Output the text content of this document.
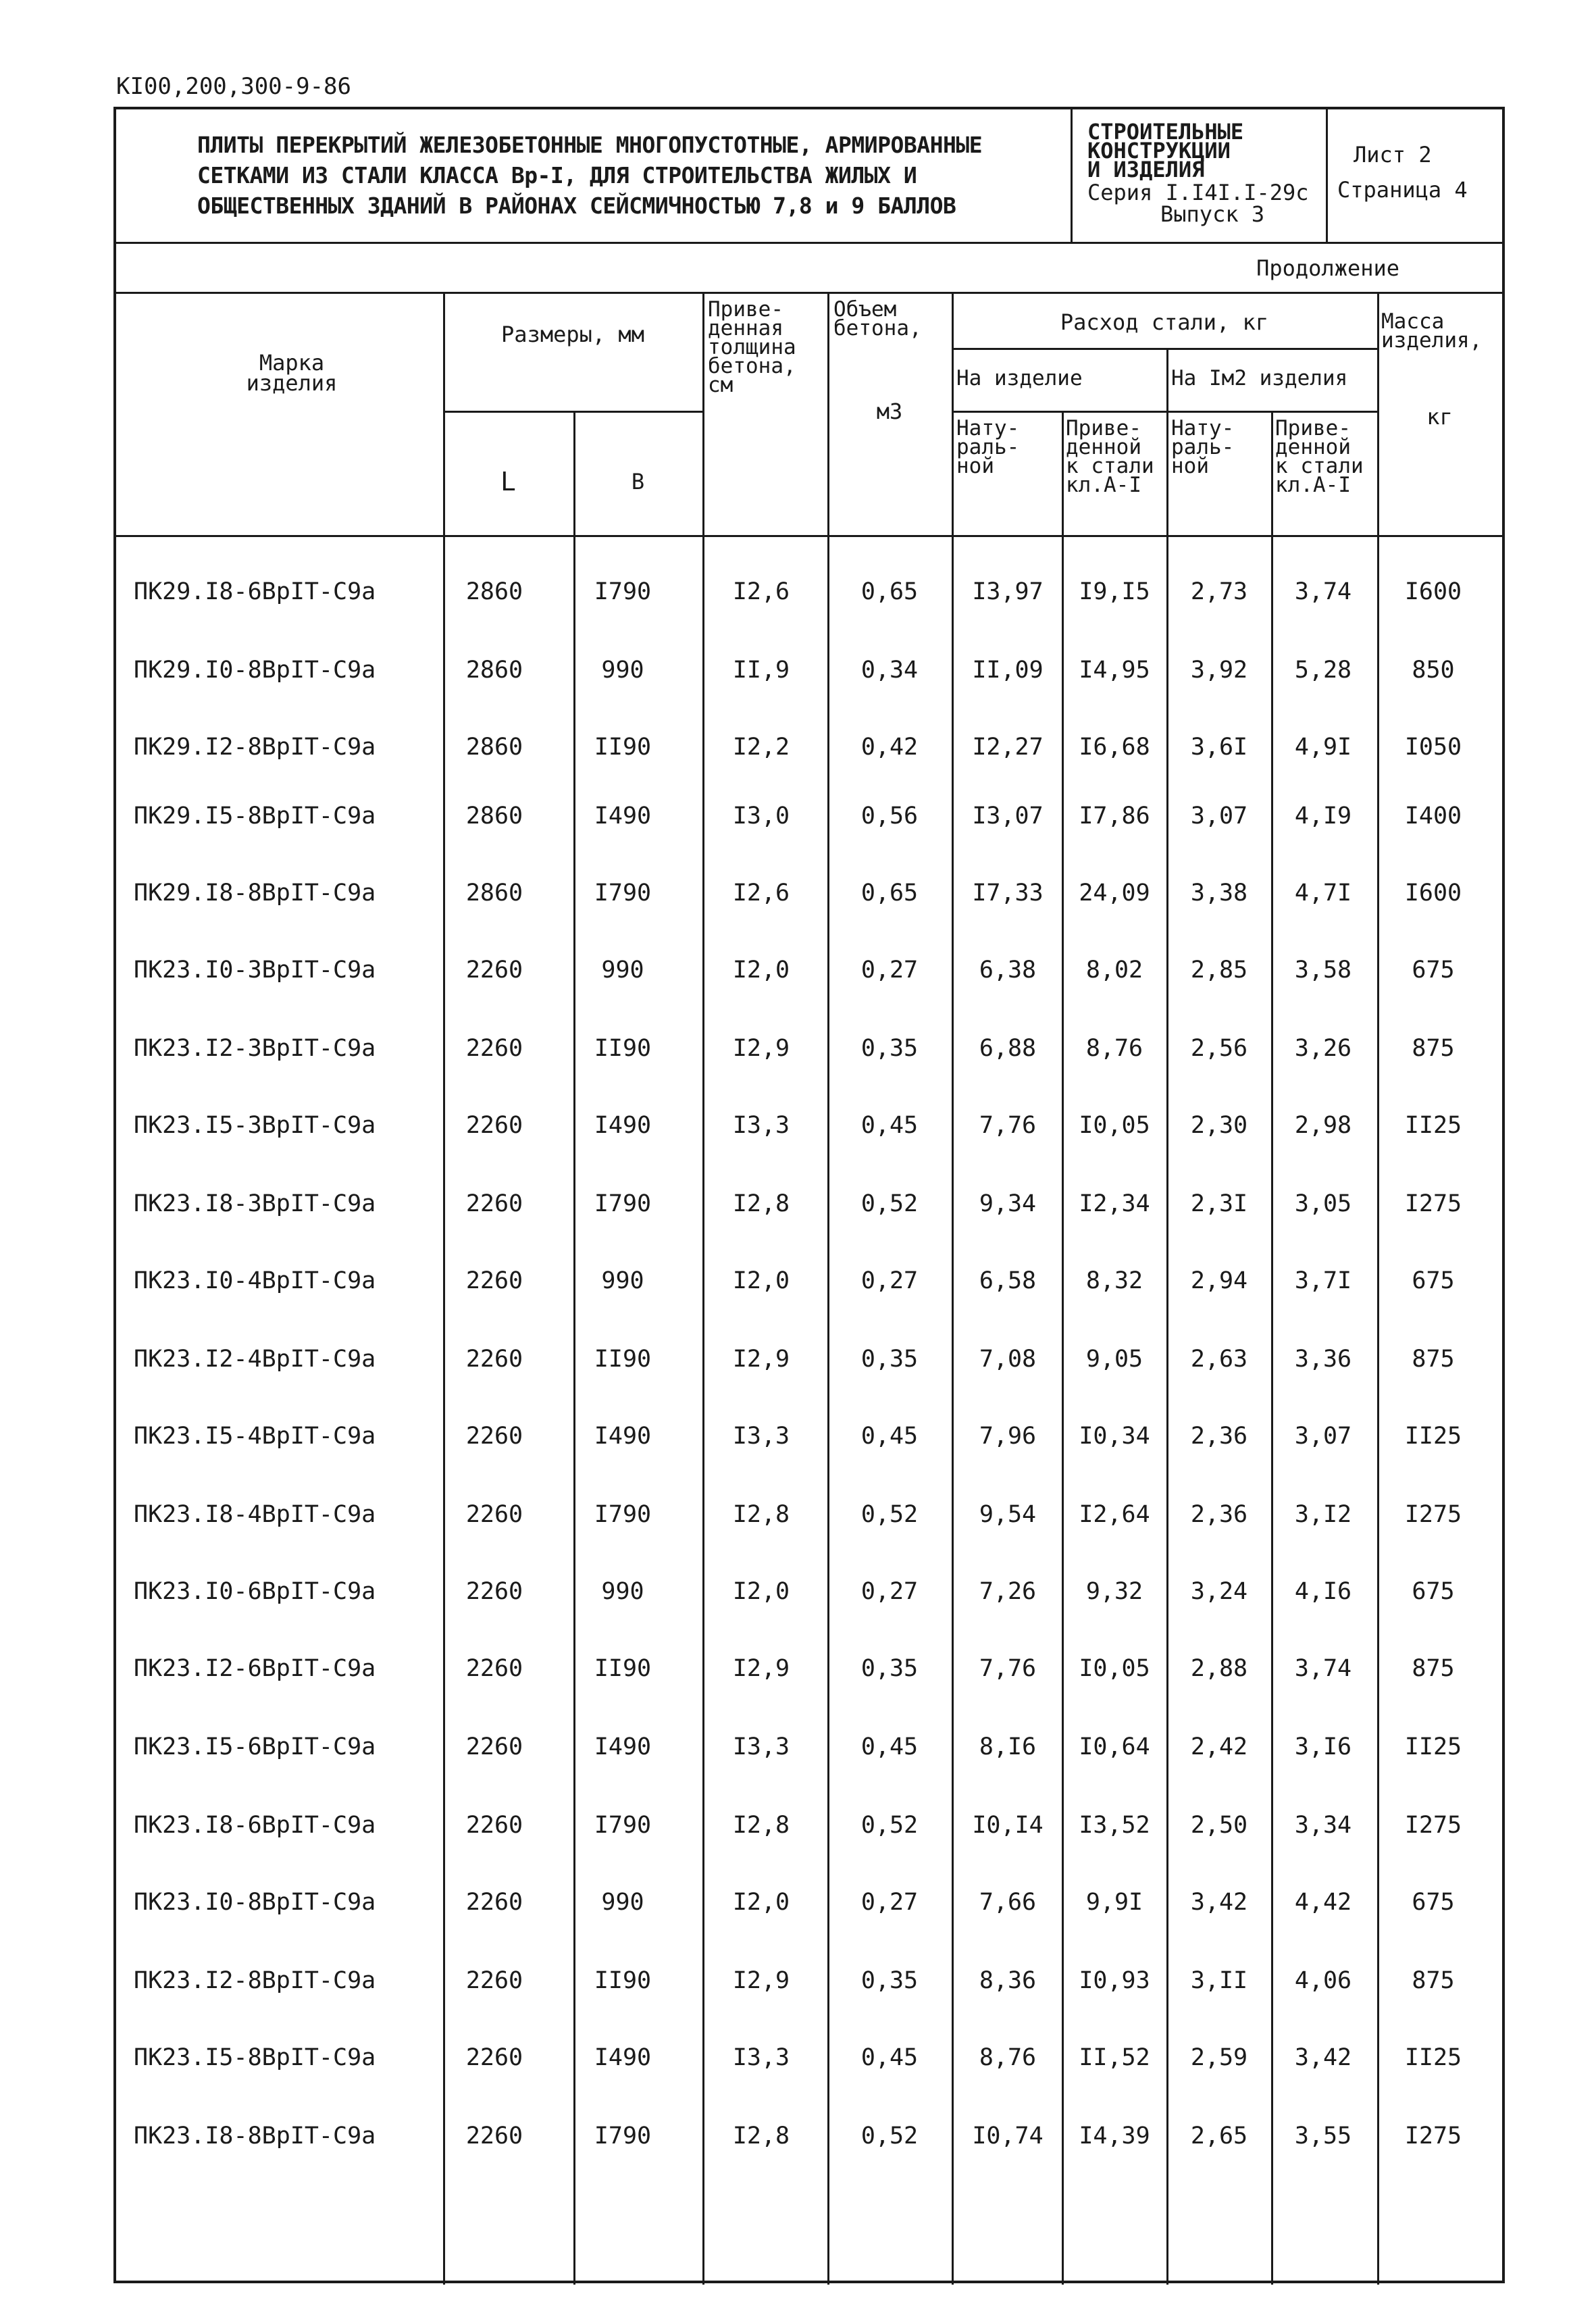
KI00,200,300-9-86
ПЛИТЫ ПЕРЕКРЫТИЙ ЖЕЛЕЗОБЕТОННЫЕ МНОГОПУСТОТНЫЕ, АРМИРОВАННЫЕ
СЕТКАМИ ИЗ СТАЛИ КЛАССА Вр-I, ДЛЯ СТРОИТЕЛЬСТВА ЖИЛЫХ И
ОБЩЕСТВЕННЫХ ЗДАНИЙ В РАЙОНАХ СЕЙСМИЧНОСТЬЮ 7,8 и 9 БАЛЛОВ
СТРОИТЕЛЬНЫЕ
КОНСТРУКЦИИ
И ИЗДЕЛИЯ
Серия I.I4I.I-29с
Выпуск 3
Лист 2
Страница 4
Продолжение
Марка изделия
Размеры, мм
L	B
Приве-
денная
толщина
бетона,
см
Объем
бетона,
м3
Расход стали, кг
На изделие	На Iм2 изделия
Нату-
раль-
ной
Приве-
денной
к стали
кл.А-I
Нату-
раль-
ной
Приве-
денной
к стали
кл.А-I
Масса
изделия,
кг
ПК29.I8-6ВрIТ-С9а	2860	I790	I2,6	0,65	I3,97	I9,I5	2,73	3,74	I600
ПК29.I0-8ВрIТ-С9а	2860	990	II,9	0,34	II,09	I4,95	3,92	5,28	850
ПК29.I2-8ВрIТ-С9а	2860	II90	I2,2	0,42	I2,27	I6,68	3,6I	4,9I	I050
ПК29.I5-8ВрIТ-С9а	2860	I490	I3,0	0,56	I3,07	I7,86	3,07	4,I9	I400
ПК29.I8-8ВрIТ-С9а	2860	I790	I2,6	0,65	I7,33	24,09	3,38	4,7I	I600
ПК23.I0-3ВрIТ-С9а	2260	990	I2,0	0,27	6,38	8,02	2,85	3,58	675
ПК23.I2-3ВрIТ-С9а	2260	II90	I2,9	0,35	6,88	8,76	2,56	3,26	875
ПК23.I5-3ВрIТ-С9а	2260	I490	I3,3	0,45	7,76	I0,05	2,30	2,98	II25
ПК23.I8-3ВрIТ-С9а	2260	I790	I2,8	0,52	9,34	I2,34	2,3I	3,05	I275
ПК23.I0-4ВрIТ-С9а	2260	990	I2,0	0,27	6,58	8,32	2,94	3,7I	675
ПК23.I2-4ВрIТ-С9а	2260	II90	I2,9	0,35	7,08	9,05	2,63	3,36	875
ПК23.I5-4ВрIТ-С9а	2260	I490	I3,3	0,45	7,96	I0,34	2,36	3,07	II25
ПК23.I8-4ВрIТ-С9а	2260	I790	I2,8	0,52	9,54	I2,64	2,36	3,I2	I275
ПК23.I0-6ВрIТ-С9а	2260	990	I2,0	0,27	7,26	9,32	3,24	4,I6	675
ПК23.I2-6ВрIТ-С9а	2260	II90	I2,9	0,35	7,76	I0,05	2,88	3,74	875
ПК23.I5-6ВрIТ-С9а	2260	I490	I3,3	0,45	8,I6	I0,64	2,42	3,I6	II25
ПК23.I8-6ВрIТ-С9а	2260	I790	I2,8	0,52	I0,I4	I3,52	2,50	3,34	I275
ПК23.I0-8ВрIТ-С9а	2260	990	I2,0	0,27	7,66	9,9I	3,42	4,42	675
ПК23.I2-8ВрIТ-С9а	2260	II90	I2,9	0,35	8,36	I0,93	3,II	4,06	875
ПК23.I5-8ВрIТ-С9а	2260	I490	I3,3	0,45	8,76	II,52	2,59	3,42	II25
ПК23.I8-8ВрIТ-С9а	2260	I790	I2,8	0,52	I0,74	I4,39	2,65	3,55	I275
